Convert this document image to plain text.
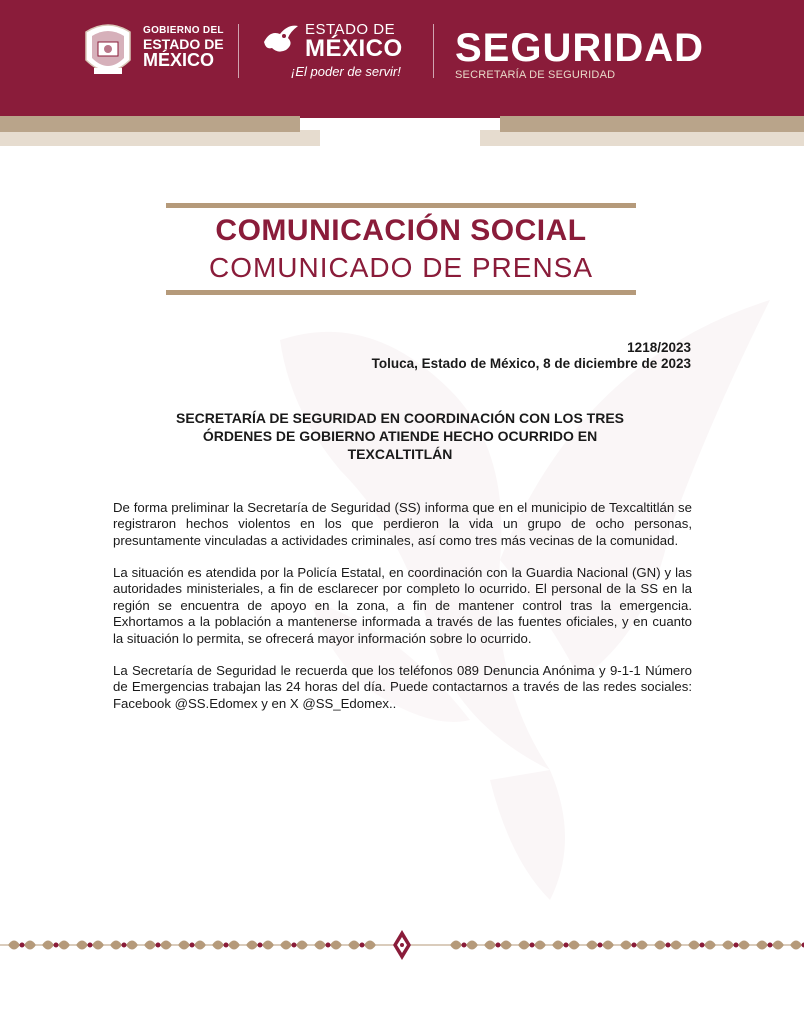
GOBIERNO DEL
ESTADO DE
MÉXICO
ESTADO DE
MÉXICO
¡El poder de servir!
SEGURIDAD
SECRETARÍA DE SEGURIDAD
COMUNICACIÓN SOCIAL
COMUNICADO DE PRENSA
1218/2023
Toluca, Estado de México, 8 de diciembre de 2023
SECRETARÍA DE SEGURIDAD EN COORDINACIÓN CON LOS TRES
ÓRDENES DE GOBIERNO ATIENDE HECHO OCURRIDO EN
TEXCALTITLÁN

De forma preliminar la Secretaría de Seguridad (SS) informa que en el municipio de Texcaltitlán se registraron hechos violentos en los que perdieron la vida un grupo de ocho personas, presuntamente vinculadas a actividades criminales, así como tres más vecinas de la comunidad.

La situación es atendida por la Policía Estatal, en coordinación con la Guardia Nacional (GN) y las autoridades ministeriales, a fin de esclarecer por completo lo ocurrido. El personal de la SS en la región se encuentra de apoyo en la zona, a fin de mantener control tras la emergencia. Exhortamos a la población a mantenerse informada a través de las fuentes oficiales, y en cuanto la situación lo permita, se ofrecerá mayor información sobre lo ocurrido.

La Secretaría de Seguridad le recuerda que los teléfonos 089 Denuncia Anónima y 9-1-1 Número de Emergencias trabajan las 24 horas del día. Puede contactarnos a través de las redes sociales: Facebook @SS.Edomex y en X @SS_Edomex..
